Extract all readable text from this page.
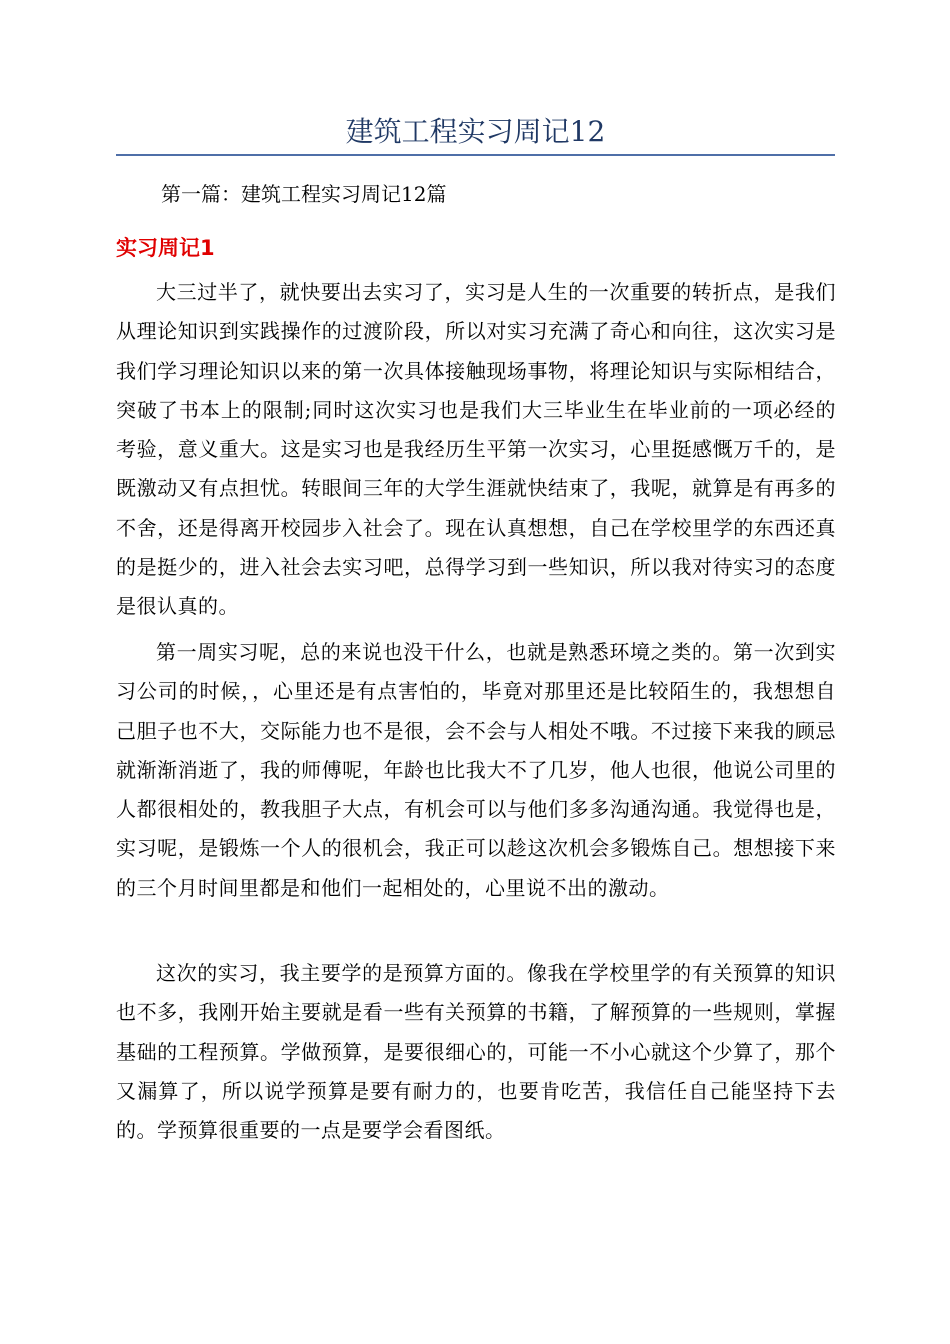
建筑工程实习周记12

第一篇：建筑工程实习周记12篇

实习周记1

大三过半了，就快要出去实习了，实习是人生的一次重要的转折点，是我们从理论知识到实践操作的过渡阶段，所以对实习充满了奇心和向往，这次实习是我们学习理论知识以来的第一次具体接触现场事物，将理论知识与实际相结合，突破了书本上的限制;同时这次实习也是我们大三毕业生在毕业前的一项必经的考验，意义重大。这是实习也是我经历生平第一次实习，心里挺感慨万千的，是既激动又有点担忧。转眼间三年的大学生涯就快结束了，我呢，就算是有再多的不舍，还是得离开校园步入社会了。现在认真想想，自己在学校里学的东西还真的是挺少的，进入社会去实习吧，总得学习到一些知识，所以我对待实习的态度是很认真的。

第一周实习呢，总的来说也没干什么，也就是熟悉环境之类的。第一次到实习公司的时候，，心里还是有点害怕的，毕竟对那里还是比较陌生的，我想想自己胆子也不大，交际能力也不是很，会不会与人相处不哦。不过接下来我的顾忌就渐渐消逝了，我的师傅呢，年龄也比我大不了几岁，他人也很，他说公司里的人都很相处的，教我胆子大点，有机会可以与他们多多沟通沟通。我觉得也是，实习呢，是锻炼一个人的很机会，我正可以趁这次机会多锻炼自己。想想接下来的三个月时间里都是和他们一起相处的，心里说不出的激动。

这次的实习，我主要学的是预算方面的。像我在学校里学的有关预算的知识也不多，我刚开始主要就是看一些有关预算的书籍，了解预算的一些规则，掌握基础的工程预算。学做预算，是要很细心的，可能一不小心就这个少算了，那个又漏算了，所以说学预算是要有耐力的，也要肯吃苦，我信任自己能坚持下去的。学预算很重要的一点是要学会看图纸。
